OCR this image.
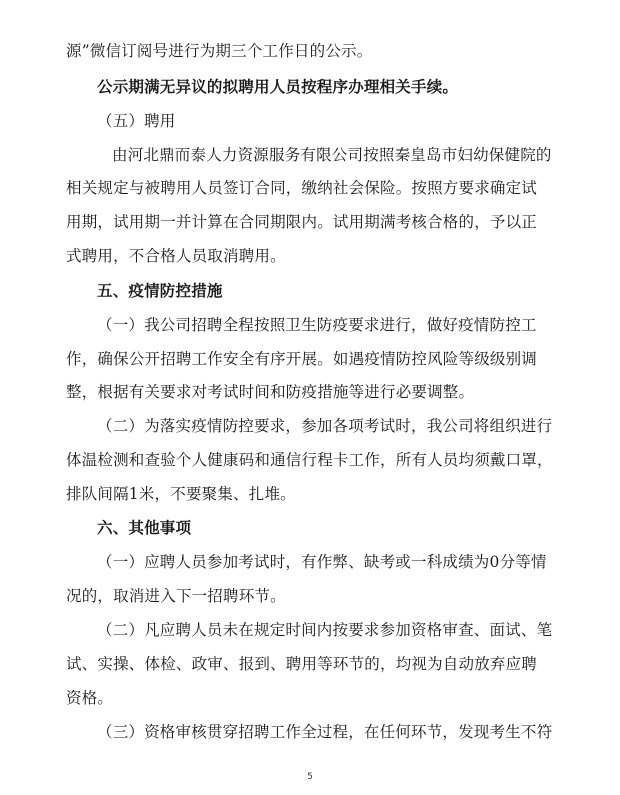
源”微信订阅号进行为期三个工作日的公示。
公示期满无异议的拟聘用人员按程序办理相关手续。
（五）聘用
由河北鼎而泰人力资源服务有限公司按照秦皇岛市妇幼保健院的
相关规定与被聘用人员签订合同，缴纳社会保险。按照方要求确定试
用期，试用期一并计算在合同期限内。试用期满考核合格的，予以正
式聘用，不合格人员取消聘用。
五、疫情防控措施
（一）我公司招聘全程按照卫生防疫要求进行，做好疫情防控工
作，确保公开招聘工作安全有序开展。如遇疫情防控风险等级级别调
整，根据有关要求对考试时间和防疫措施等进行必要调整。
（二）为落实疫情防控要求，参加各项考试时，我公司将组织进行
体温检测和查验个人健康码和通信行程卡工作，所有人员均须戴口罩，
排队间隔1米，不要聚集、扎堆。
六、其他事项
（一）应聘人员参加考试时，有作弊、缺考或一科成绩为0分等情
况的，取消进入下一招聘环节。
（二）凡应聘人员未在规定时间内按要求参加资格审查、面试、笔
试、实操、体检、政审、报到、聘用等环节的，均视为自动放弃应聘
资格。
（三）资格审核贯穿招聘工作全过程，在任何环节，发现考生不符
5
